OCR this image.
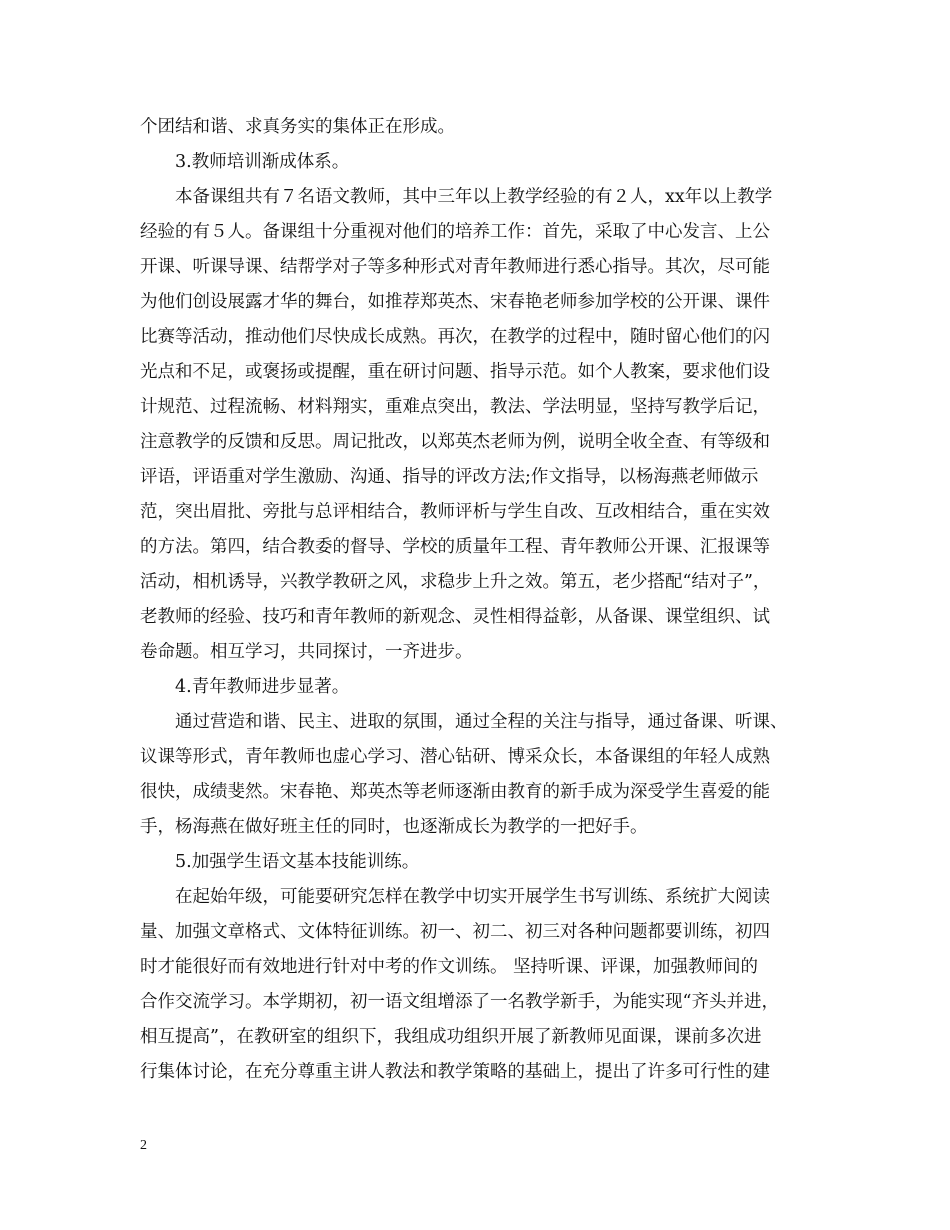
个团结和谐、求真务实的集体正在形成。
3.教师培训渐成体系。
本备课组共有７名语文教师，其中三年以上教学经验的有２人，xx年以上教学
经验的有５人。备课组十分重视对他们的培养工作：首先，采取了中心发言、上公
开课、听课导课、结帮学对子等多种形式对青年教师进行悉心指导。其次，尽可能
为他们创设展露才华的舞台，如推荐郑英杰、宋春艳老师参加学校的公开课、课件
比赛等活动，推动他们尽快成长成熟。再次，在教学的过程中，随时留心他们的闪
光点和不足，或褒扬或提醒，重在研讨问题、指导示范。如个人教案，要求他们设
计规范、过程流畅、材料翔实，重难点突出，教法、学法明显，坚持写教学后记，
注意教学的反馈和反思。周记批改，以郑英杰老师为例，说明全收全查、有等级和
评语，评语重对学生激励、沟通、指导的评改方法;作文指导，以杨海燕老师做示
范，突出眉批、旁批与总评相结合，教师评析与学生自改、互改相结合，重在实效
的方法。第四，结合教委的督导、学校的质量年工程、青年教师公开课、汇报课等
活动，相机诱导，兴教学教研之风，求稳步上升之效。第五，老少搭配“结对子”，
老教师的经验、技巧和青年教师的新观念、灵性相得益彰，从备课、课堂组织、试
卷命题。相互学习，共同探讨，一齐进步。
4.青年教师进步显著。
通过营造和谐、民主、进取的氛围，通过全程的关注与指导，通过备课、听课、
议课等形式，青年教师也虚心学习、潜心钻研、博采众长，本备课组的年轻人成熟
很快，成绩斐然。宋春艳、郑英杰等老师逐渐由教育的新手成为深受学生喜爱的能
手，杨海燕在做好班主任的同时，也逐渐成长为教学的一把好手。
5.加强学生语文基本技能训练。
在起始年级，可能要研究怎样在教学中切实开展学生书写训练、系统扩大阅读
量、加强文章格式、文体特征训练。初一、初二、初三对各种问题都要训练，初四
时才能很好而有效地进行针对中考的作文训练。 坚持听课、评课，加强教师间的
合作交流学习。本学期初，初一语文组增添了一名教学新手，为能实现“齐头并进，
相互提高”，在教研室的组织下，我组成功组织开展了新教师见面课，课前多次进
行集体讨论，在充分尊重主讲人教法和教学策略的基础上，提出了许多可行性的建
2
